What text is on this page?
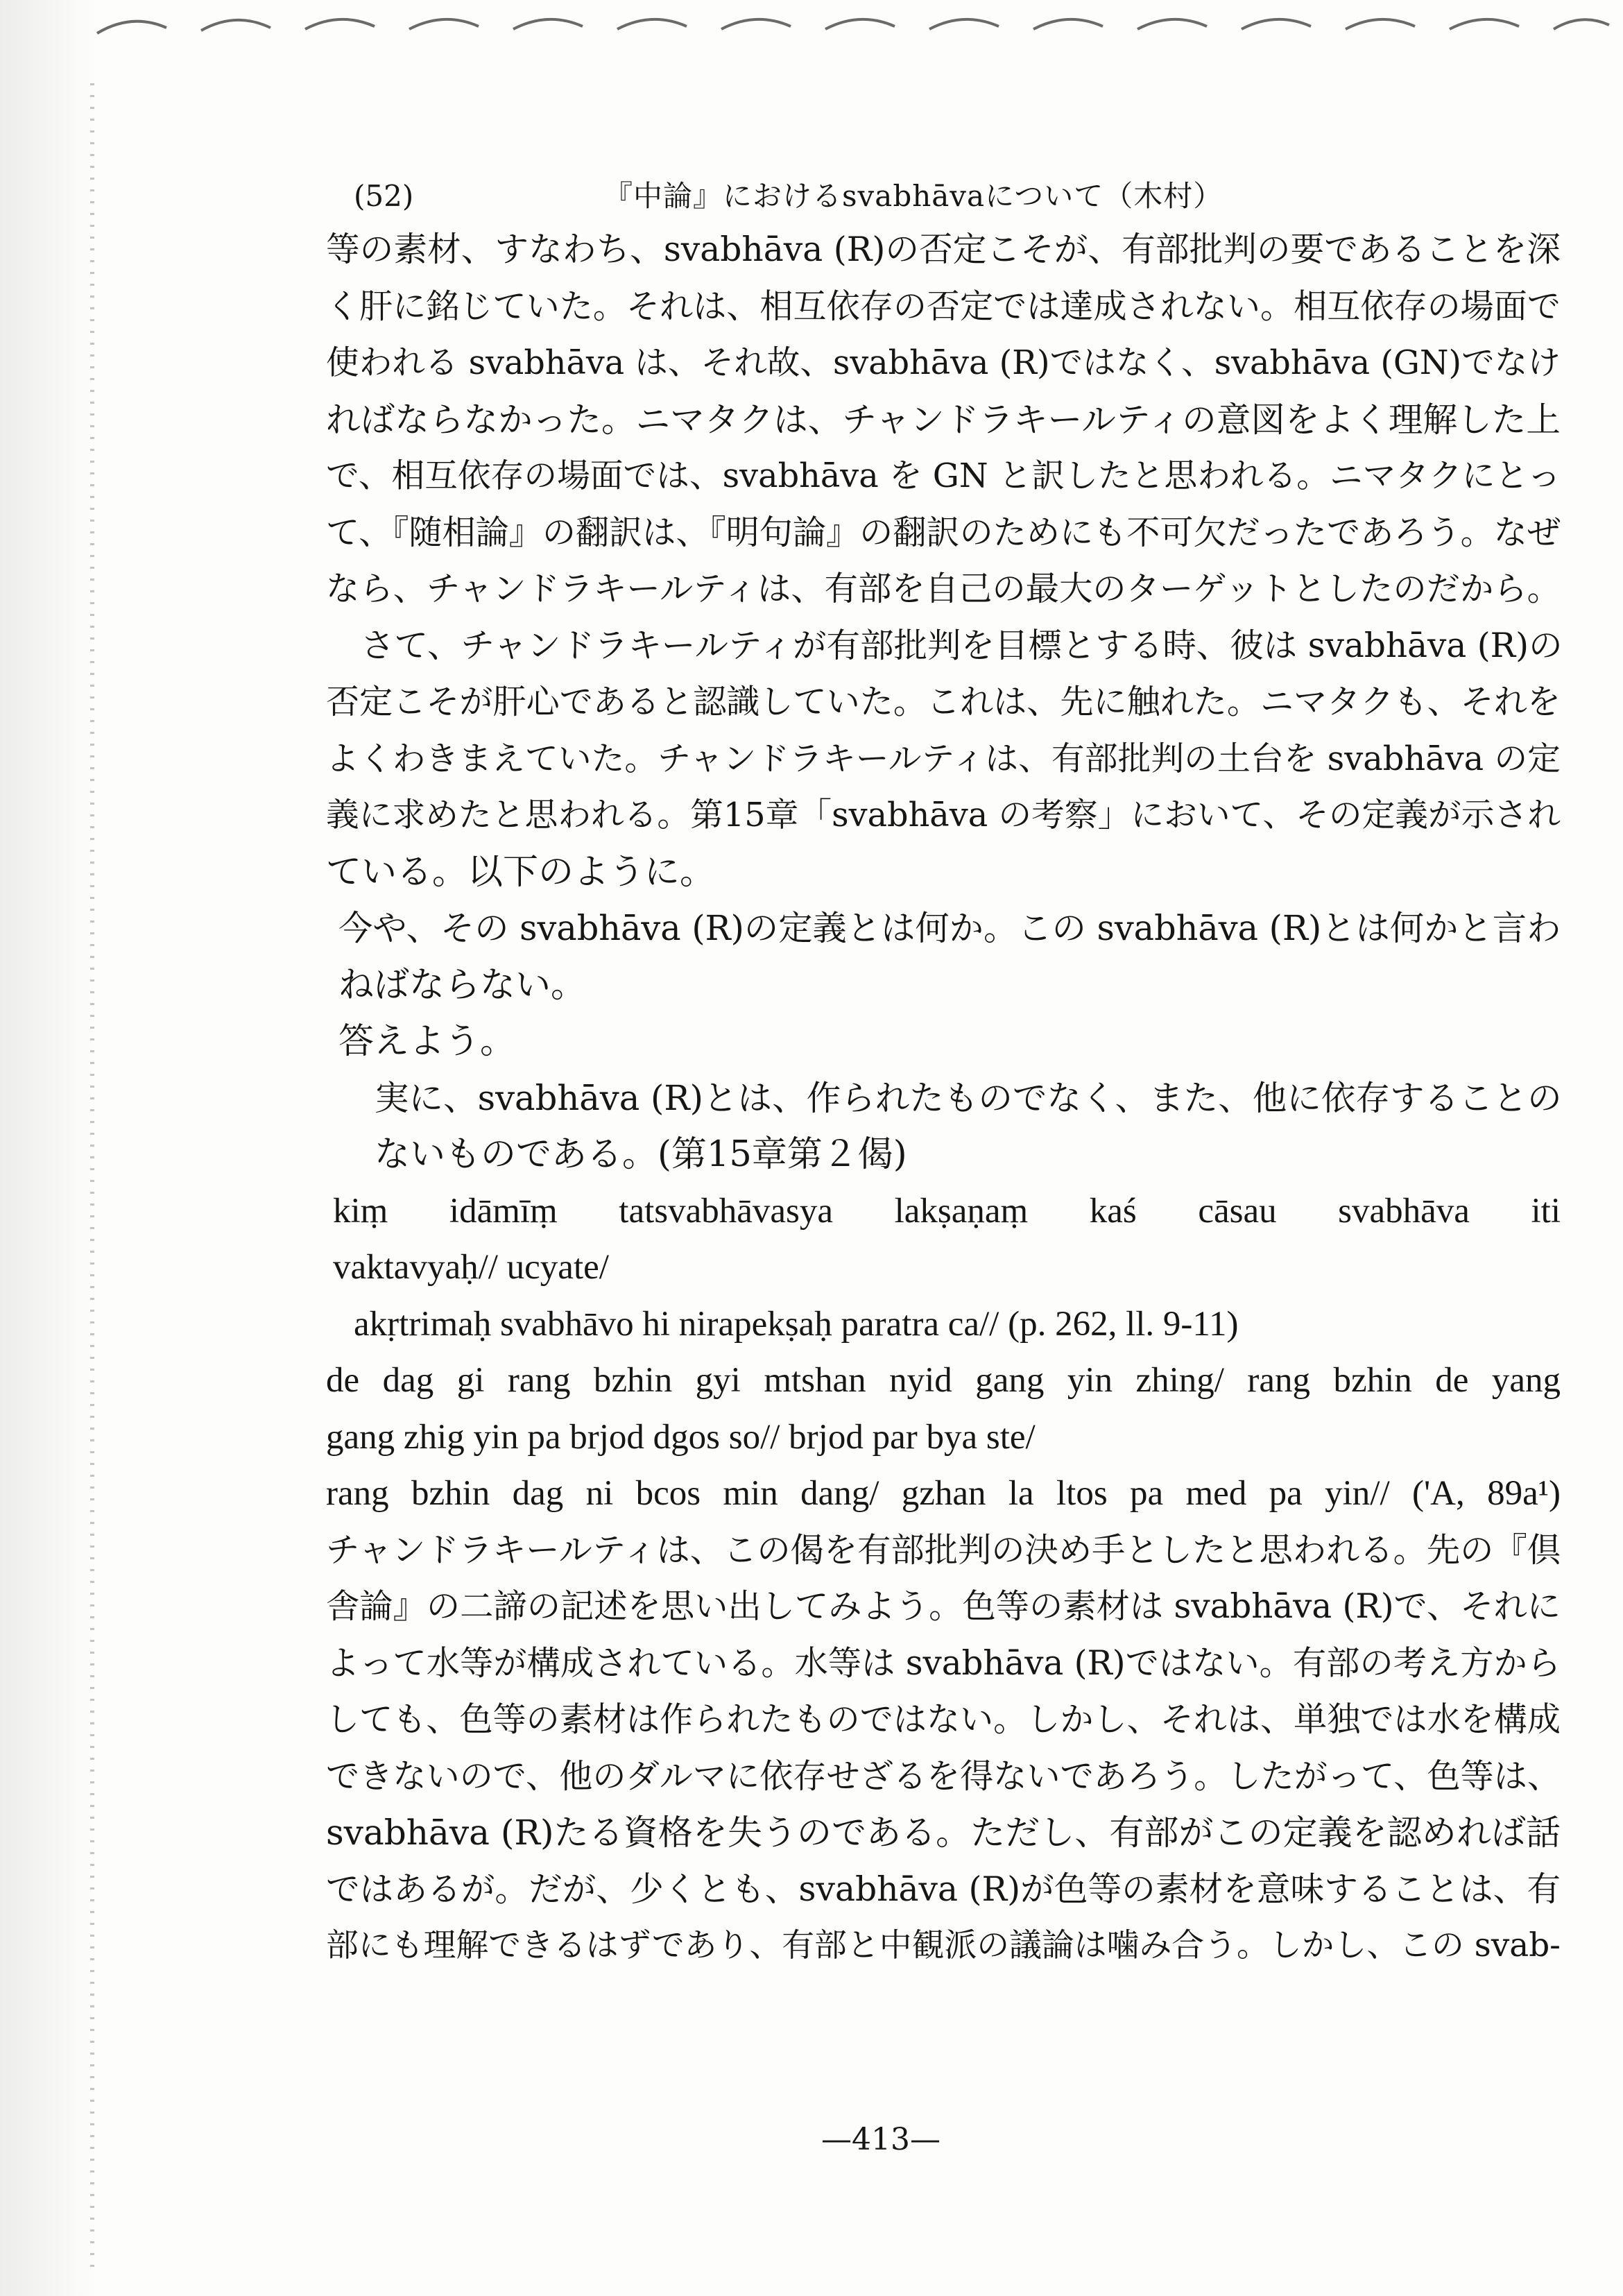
(52)	『中論』におけるsvabhāvaについて（木村）
等の素材、すなわち、svabhāva (R)の否定こそが、有部批判の要であることを深
く肝に銘じていた。それは、相互依存の否定では達成されない。相互依存の場面で
使われる svabhāva は、それ故、svabhāva (R)ではなく、svabhāva (GN)でなけ
ればならなかった。ニマタクは、チャンドラキールティの意図をよく理解した上
で、相互依存の場面では、svabhāva を GN と訳したと思われる。ニマタクにとっ
て、『随相論』の翻訳は、『明句論』の翻訳のためにも不可欠だったであろう。なぜ
なら、チャンドラキールティは、有部を自己の最大のターゲットとしたのだから。
さて、チャンドラキールティが有部批判を目標とする時、彼は svabhāva (R)の
否定こそが肝心であると認識していた。これは、先に触れた。ニマタクも、それを
よくわきまえていた。チャンドラキールティは、有部批判の土台を svabhāva の定
義に求めたと思われる。第15章「svabhāva の考察」において、その定義が示され
ている。以下のように。
今や、その svabhāva (R)の定義とは何か。この svabhāva (R)とは何かと言わ
ねばならない。
答えよう。
実に、svabhāva (R)とは、作られたものでなく、また、他に依存することの
ないものである。(第15章第２偈)
kiṃ idāmīṃ tatsvabhāvasya lakṣaṇaṃ kaś cāsau svabhāva iti
vaktavyaḥ// ucyate/
akṛtrimaḥ svabhāvo hi nirapekṣaḥ paratra ca// (p. 262, ll. 9-11)
de dag gi rang bzhin gyi mtshan nyid gang yin zhing/ rang bzhin de yang
gang zhig yin pa brjod dgos so// brjod par bya ste/
rang bzhin dag ni bcos min dang/ gzhan la ltos pa med pa yin// ('A, 89a¹)
チャンドラキールティは、この偈を有部批判の決め手としたと思われる。先の『倶
舎論』の二諦の記述を思い出してみよう。色等の素材は svabhāva (R)で、それに
よって水等が構成されている。水等は svabhāva (R)ではない。有部の考え方から
しても、色等の素材は作られたものではない。しかし、それは、単独では水を構成
できないので、他のダルマに依存せざるを得ないであろう。したがって、色等は、
svabhāva (R)たる資格を失うのである。ただし、有部がこの定義を認めれば話
ではあるが。だが、少くとも、svabhāva (R)が色等の素材を意味することは、有
部にも理解できるはずであり、有部と中観派の議論は噛み合う。しかし、この svab-
—413—
